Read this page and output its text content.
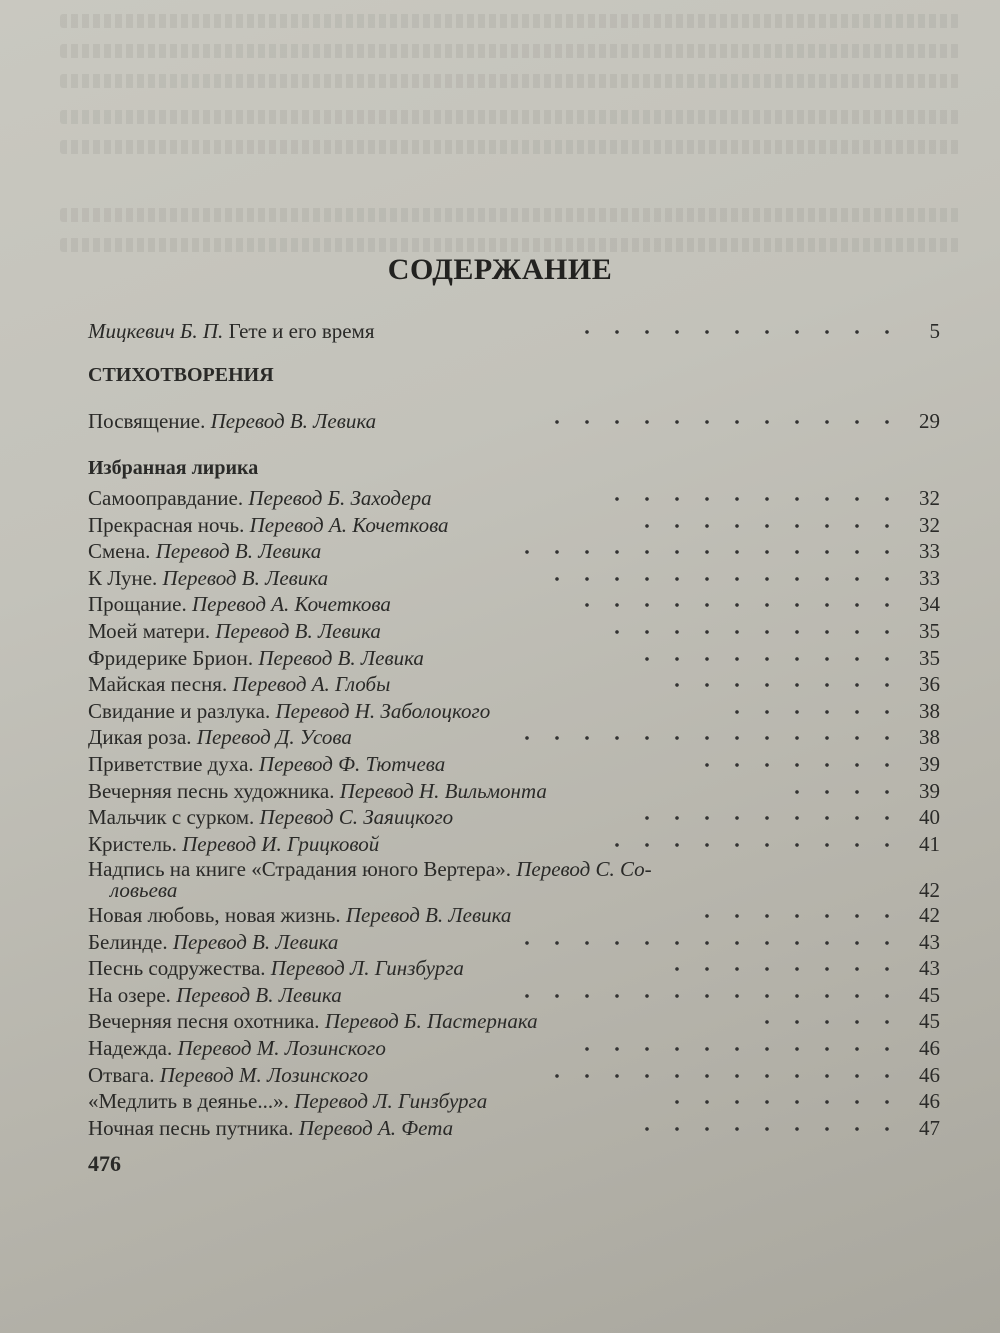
СОДЕРЖАНИЕ
Мицкевич Б. П. Гете и его время	5
СТИХОТВОРЕНИЯ
Посвящение. Перевод В. Левика	29
Избранная лирика
Самооправдание. Перевод Б. Заходера	32
Прекрасная ночь. Перевод А. Кочеткова	32
Смена. Перевод В. Левика	33
К Луне. Перевод В. Левика	33
Прощание. Перевод А. Кочеткова	34
Моей матери. Перевод В. Левика	35
Фридерике Брион. Перевод В. Левика	35
Майская песня. Перевод А. Глобы	36
Свидание и разлука. Перевод Н. Заболоцкого	38
Дикая роза. Перевод Д. Усова	38
Приветствие духа. Перевод Ф. Тютчева	39
Вечерняя песнь художника. Перевод Н. Вильмонта	39
Мальчик с сурком. Перевод С. Заяицкого	40
Кристель. Перевод И. Грицковой	41
Надпись на книге «Страдания юного Вертера». Перевод С. Со-
ловьева	42
Новая любовь, новая жизнь. Перевод В. Левика	42
Белинде. Перевод В. Левика	43
Песнь содружества. Перевод Л. Гинзбурга	43
На озере. Перевод В. Левика	45
Вечерняя песня охотника. Перевод Б. Пастернака	45
Надежда. Перевод М. Лозинского	46
Отвага. Перевод М. Лозинского	46
«Медлить в деянье...». Перевод Л. Гинзбурга	46
Ночная песнь путника. Перевод А. Фета	47
476
